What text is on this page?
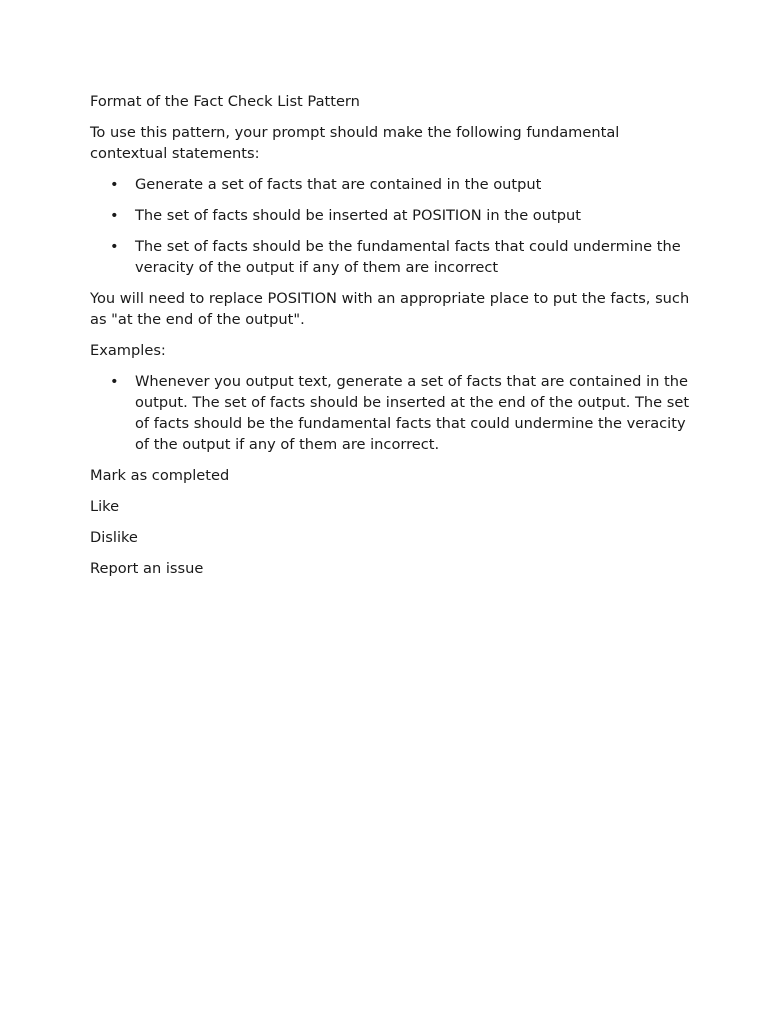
Format of the Fact Check List Pattern

To use this pattern, your prompt should make the following fundamental contextual statements:

• Generate a set of facts that are contained in the output
• The set of facts should be inserted at POSITION in the output
• The set of facts should be the fundamental facts that could undermine the veracity of the output if any of them are incorrect

You will need to replace POSITION with an appropriate place to put the facts, such as "at the end of the output".

Examples:

• Whenever you output text, generate a set of facts that are contained in the output. The set of facts should be inserted at the end of the output. The set of facts should be the fundamental facts that could undermine the veracity of the output if any of them are incorrect.
Mark as completed
Like
Dislike
Report an issue
